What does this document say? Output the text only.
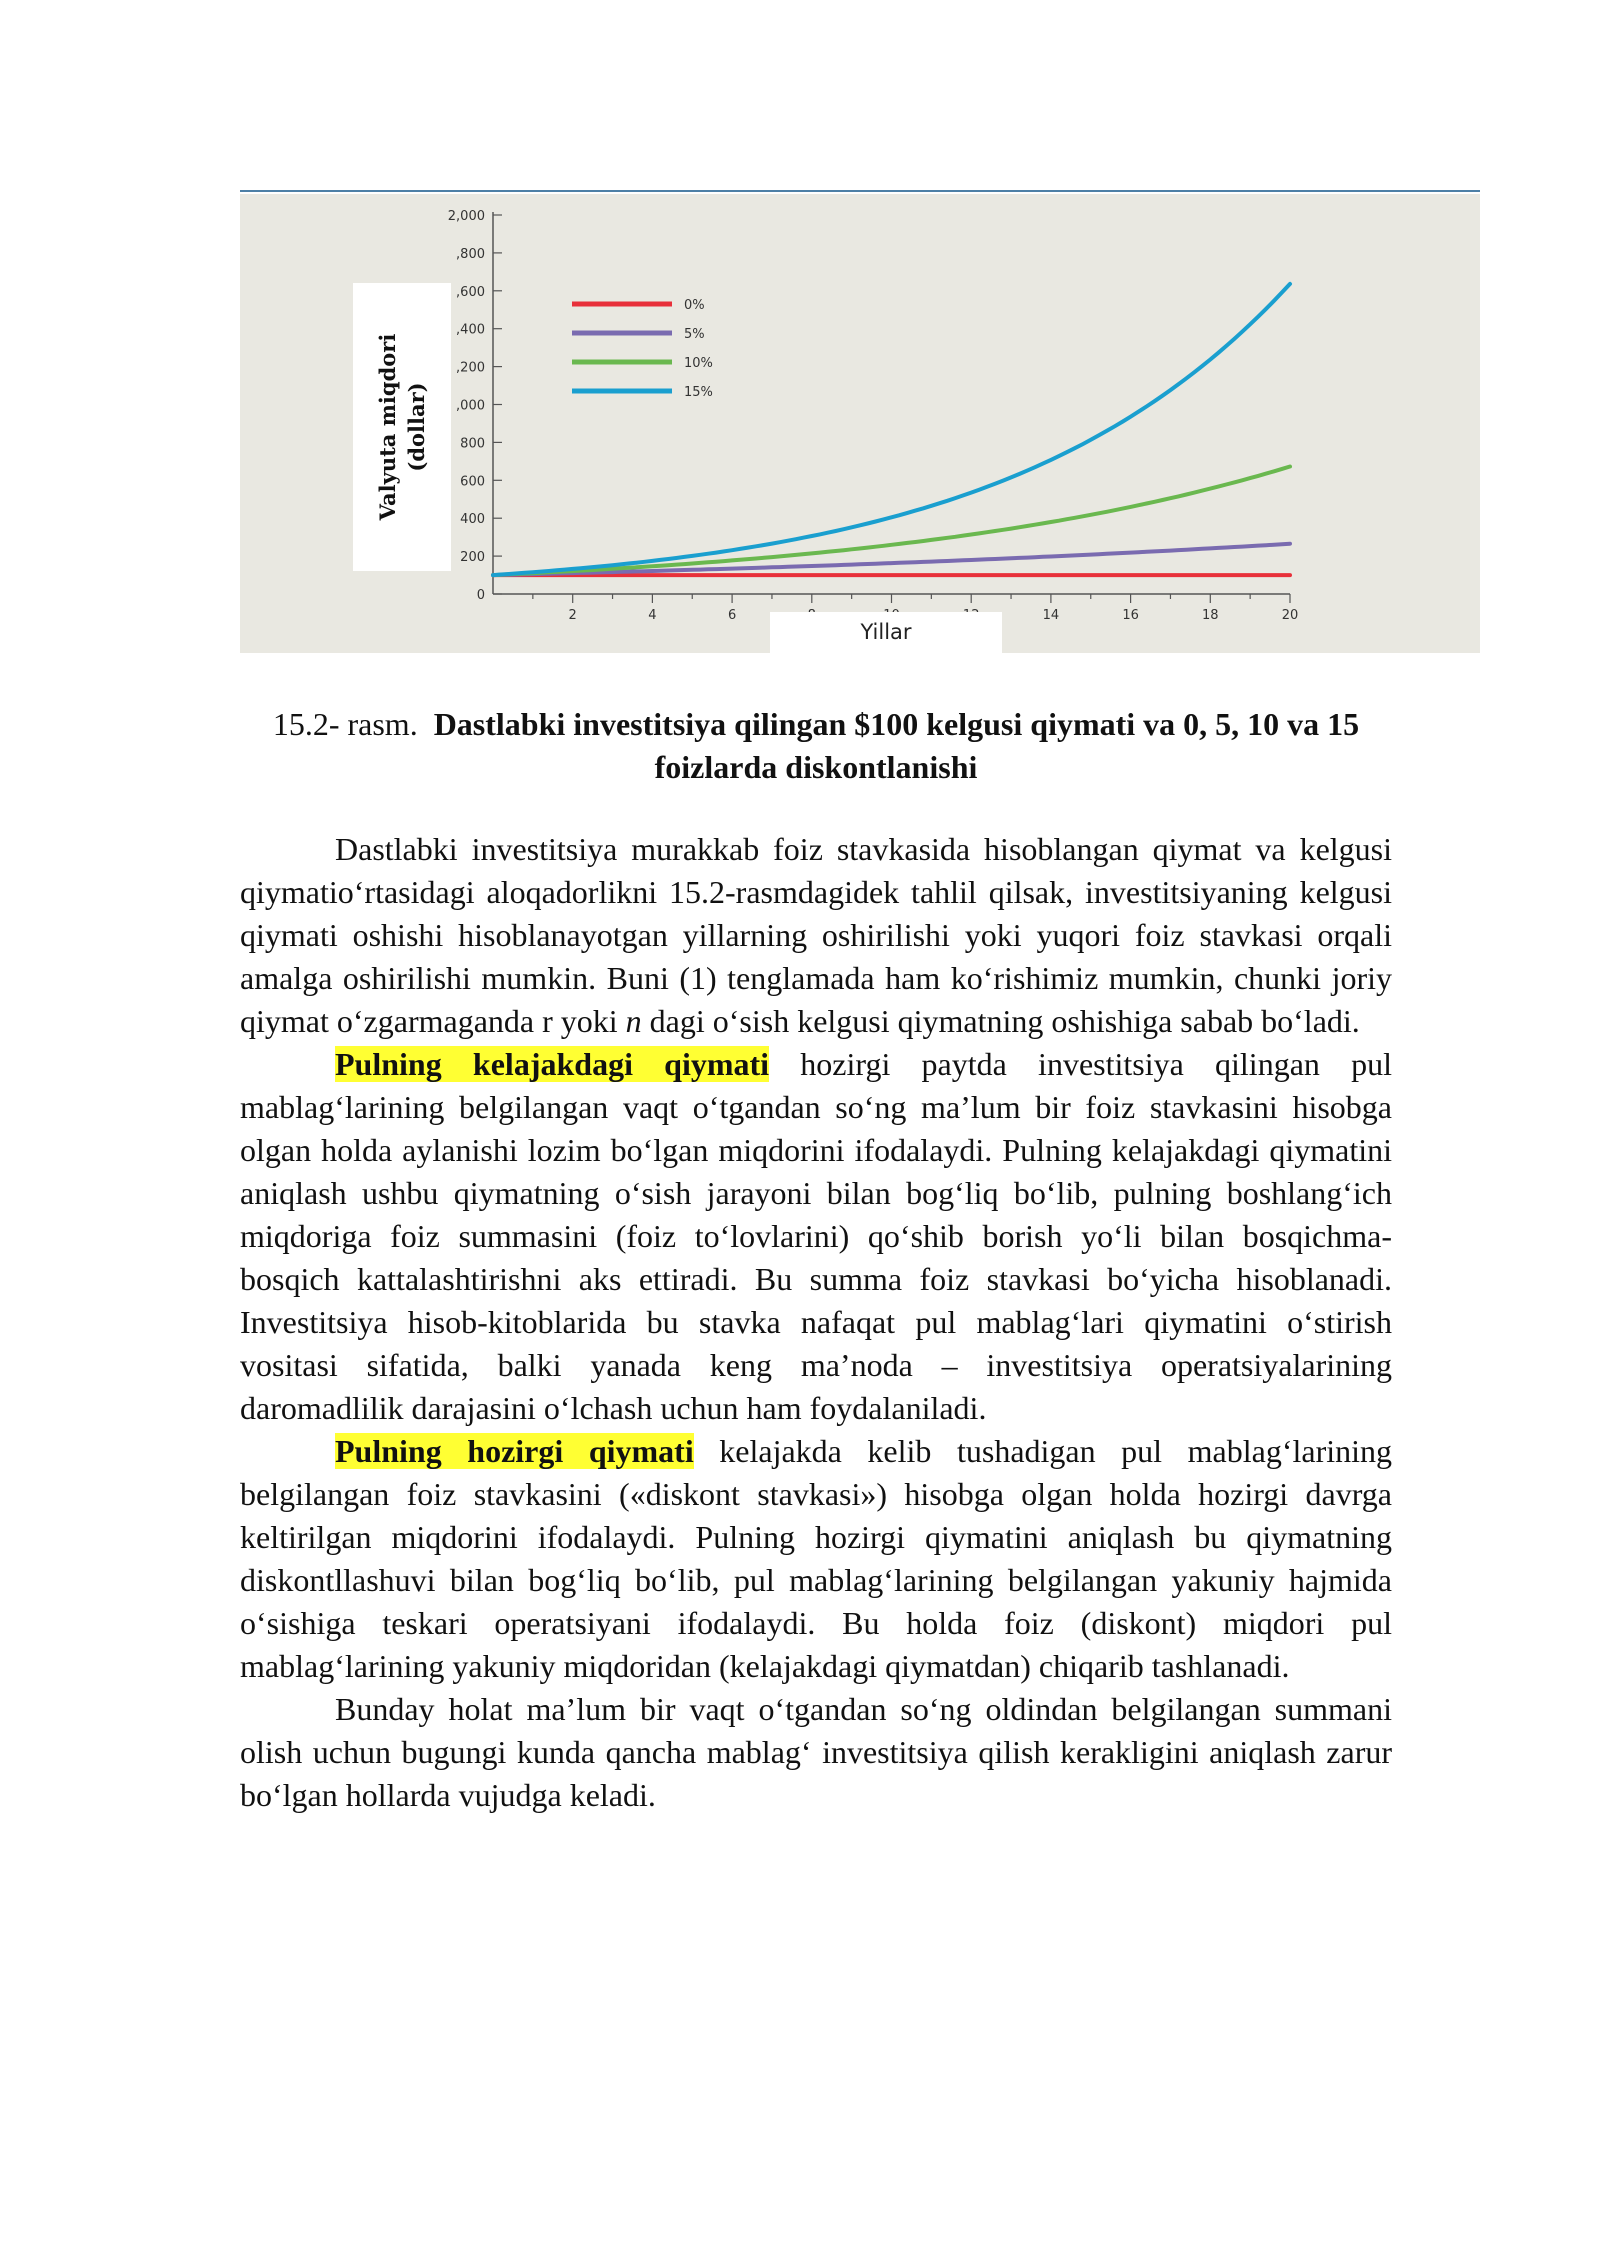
0
200
400
600
800
,000
,200
,400
,600
,800
2,000
2	4	6	14	16	18	20
0%
5%
10%
15%
Valyuta miqdori (dollar)
Yillar
15.2- rasm. Dastlabki investitsiya qilingan $100 kelgusi qiymati va 0, 5, 10 va 15 foizlarda diskontlanishi

Dastlabki investitsiya murakkab foiz stavkasida hisoblangan qiymat va kelgusi qiymatio‘rtasidagi aloqadorlikni 15.2-rasmdagidek tahlil qilsak, investitsiyaning kelgusi qiymati oshishi hisoblanayotgan yillarning oshirilishi yoki yuqori foiz stavkasi orqali amalga oshirilishi mumkin. Buni (1) tenglamada ham ko‘rishimiz mumkin, chunki joriy qiymat o‘zgarmaganda r yoki n dagi o‘sish kelgusi qiymatning oshishiga sabab bo‘ladi.

Pulning kelajakdagi qiymati hozirgi paytda investitsiya qilingan pul mablag‘larining belgilangan vaqt o‘tgandan so‘ng ma’lum bir foiz stavkasini hisobga olgan holda aylanishi lozim bo‘lgan miqdorini ifodalaydi. Pulning kelajakdagi qiymatini aniqlash ushbu qiymatning o‘sish jarayoni bilan bog‘liq bo‘lib, pulning boshlang‘ich miqdoriga foiz summasini (foiz to‘lovlarini) qo‘shib borish yo‘li bilan bosqichma-bosqich kattalashtirishni aks ettiradi. Bu summa foiz stavkasi bo‘yicha hisoblanadi. Investitsiya hisob-kitoblarida bu stavka nafaqat pul mablag‘lari qiymatini o‘stirish vositasi sifatida, balki yanada keng ma’noda – investitsiya operatsiyalarining daromadlilik darajasini o‘lchash uchun ham foydalaniladi.

Pulning hozirgi qiymati kelajakda kelib tushadigan pul mablag‘larining belgilangan foiz stavkasini («diskont stavkasi») hisobga olgan holda hozirgi davrga keltirilgan miqdorini ifodalaydi. Pulning hozirgi qiymatini aniqlash bu qiymatning diskontllashuvi bilan bog‘liq bo‘lib, pul mablag‘larining belgilangan yakuniy hajmida o‘sishiga teskari operatsiyani ifodalaydi. Bu holda foiz (diskont) miqdori pul mablag‘larining yakuniy miqdoridan (kelajakdagi qiymatdan) chiqarib tashlanadi.

Bunday holat ma’lum bir vaqt o‘tgandan so‘ng oldindan belgilangan summani olish uchun bugungi kunda qancha mablag‘ investitsiya qilish kerakligini aniqlash zarur bo‘lgan hollarda vujudga keladi.
